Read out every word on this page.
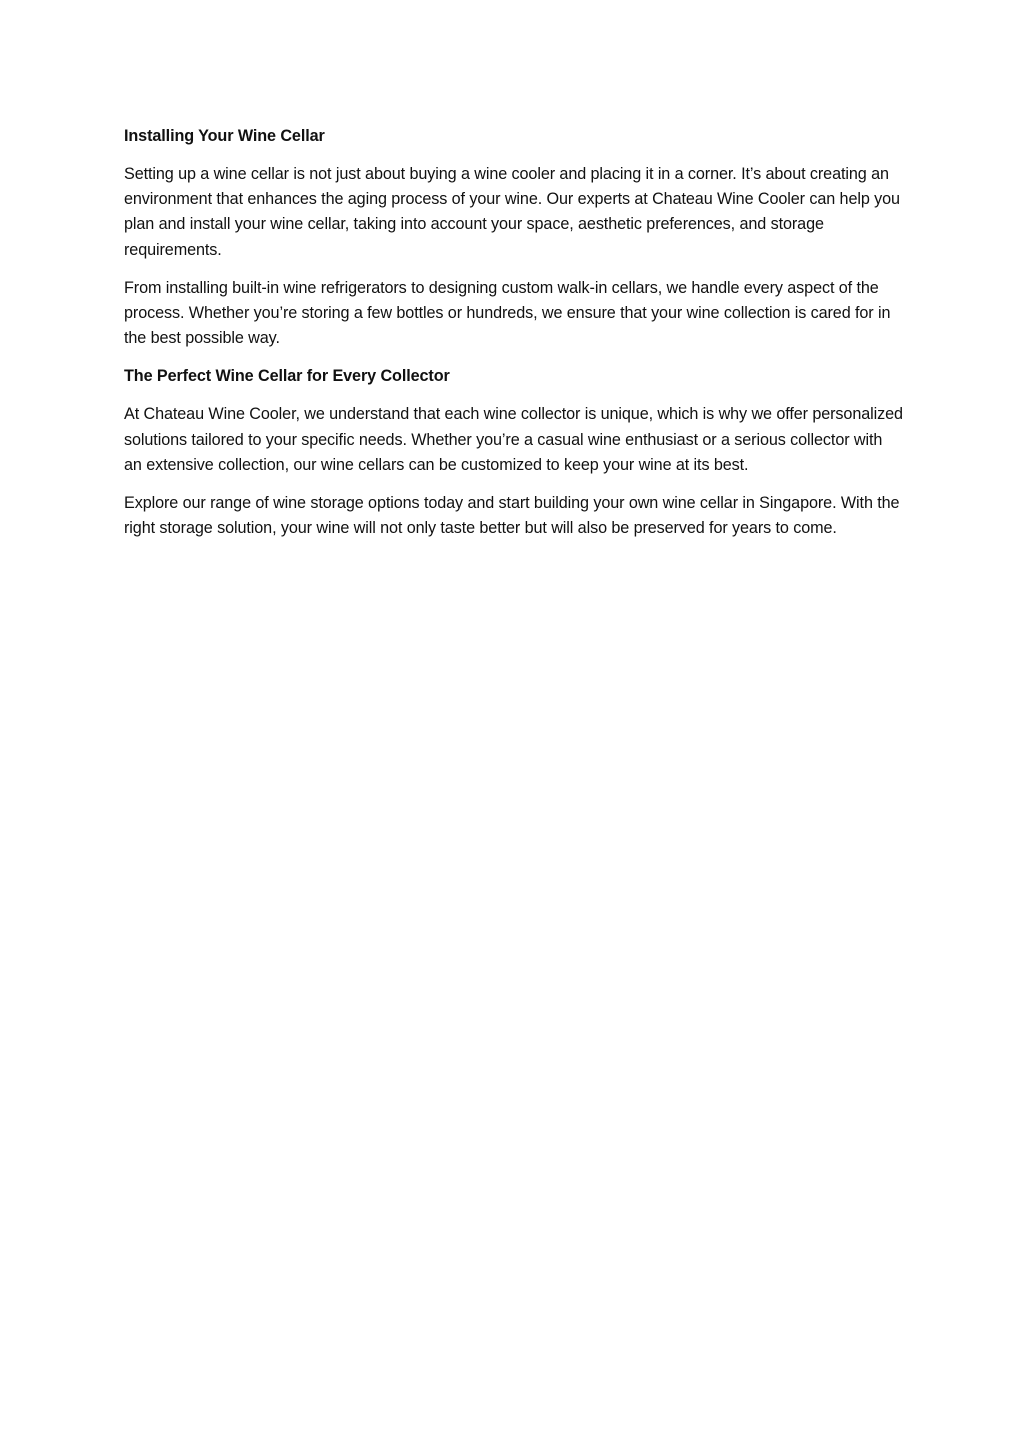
Installing Your Wine Cellar

Setting up a wine cellar is not just about buying a wine cooler and placing it in a corner. It’s about creating an environment that enhances the aging process of your wine. Our experts at Chateau Wine Cooler can help you plan and install your wine cellar, taking into account your space, aesthetic preferences, and storage requirements.

From installing built-in wine refrigerators to designing custom walk-in cellars, we handle every aspect of the process. Whether you’re storing a few bottles or hundreds, we ensure that your wine collection is cared for in the best possible way.

The Perfect Wine Cellar for Every Collector

At Chateau Wine Cooler, we understand that each wine collector is unique, which is why we offer personalized solutions tailored to your specific needs. Whether you’re a casual wine enthusiast or a serious collector with an extensive collection, our wine cellars can be customized to keep your wine at its best.

Explore our range of wine storage options today and start building your own wine cellar in Singapore. With the right storage solution, your wine will not only taste better but will also be preserved for years to come.
